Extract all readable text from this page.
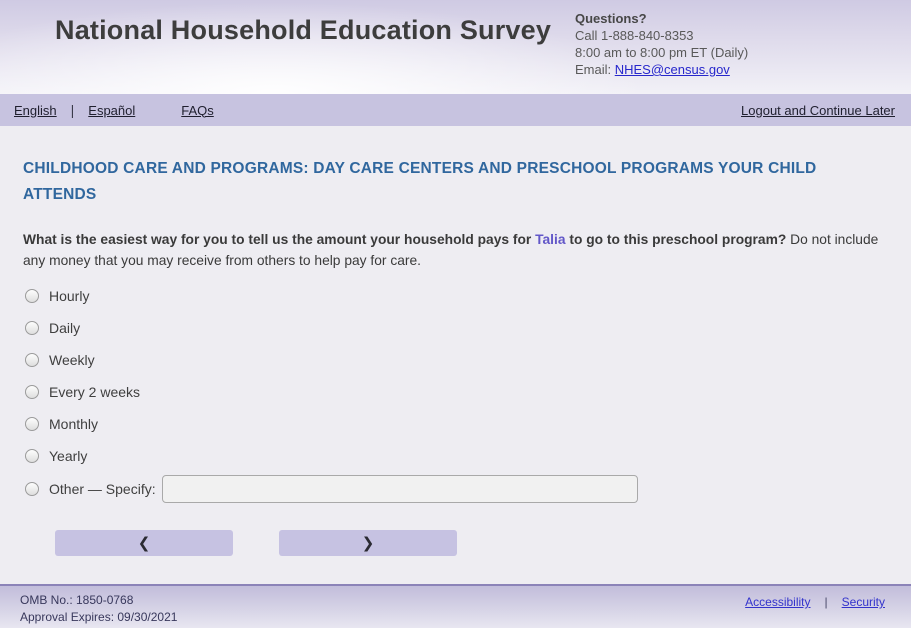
National Household Education Survey	Questions?
Call 1-888-840-8353
8:00 am to 8:00 pm ET (Daily)
Email: NHES@census.gov
English | Español	FAQs	Logout and Continue Later
CHILDHOOD CARE AND PROGRAMS: DAY CARE CENTERS AND PRESCHOOL PROGRAMS YOUR CHILD ATTENDS
What is the easiest way for you to tell us the amount your household pays for Talia to go to this preschool program? Do not include any money that you may receive from others to help pay for care.
Hourly
Daily
Weekly
Every 2 weeks
Monthly
Yearly
Other — Specify:
❮	❯
OMB No.: 1850-0768
Approval Expires: 09/30/2021
Accessibility | Security
